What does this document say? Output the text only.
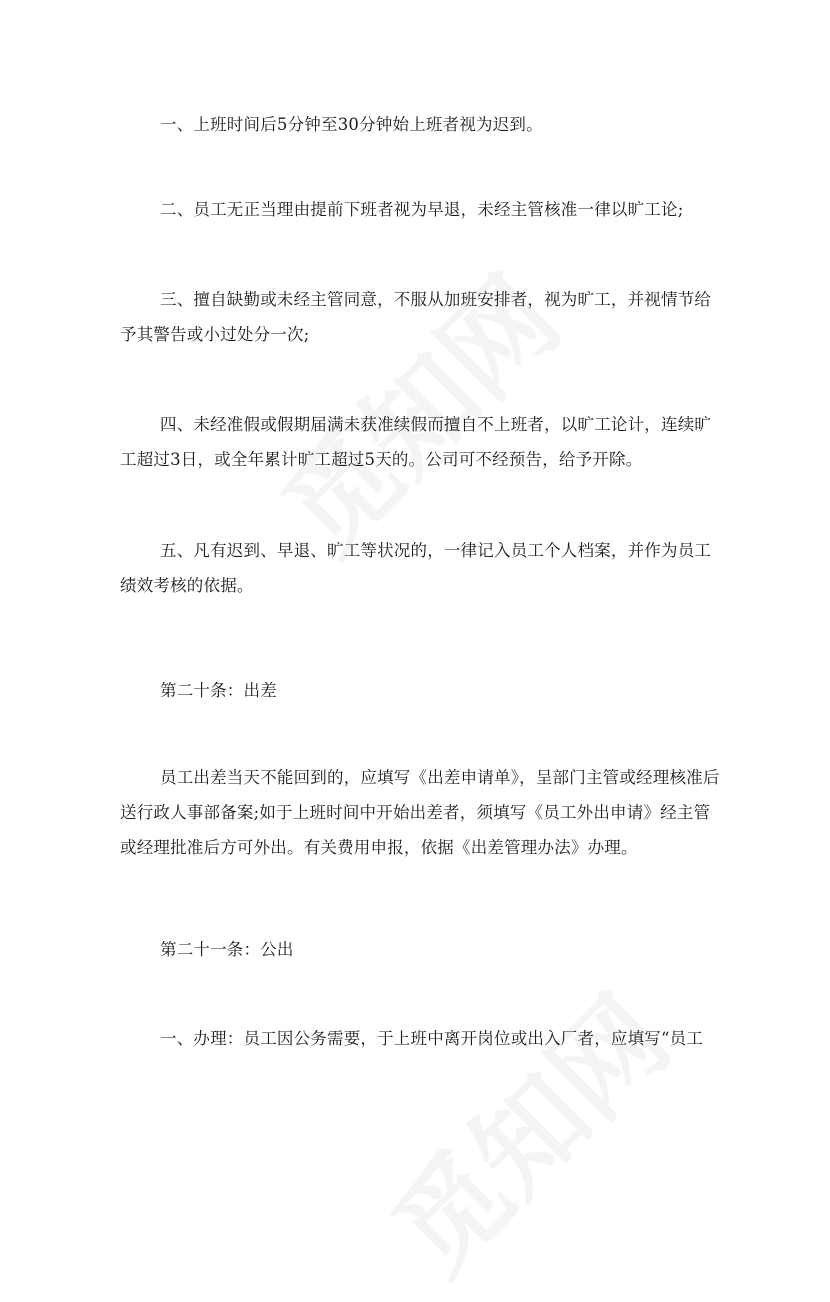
一、上班时间后5分钟至30分钟始上班者视为迟到。

二、员工无正当理由提前下班者视为早退，未经主管核准一律以旷工论;

三、擅自缺勤或未经主管同意，不服从加班安排者，视为旷工，并视情节给予其警告或小过处分一次;

四、未经准假或假期届满未获准续假而擅自不上班者，以旷工论计，连续旷工超过3日，或全年累计旷工超过5天的。公司可不经预告，给予开除。

五、凡有迟到、早退、旷工等状况的，一律记入员工个人档案，并作为员工绩效考核的依据。

第二十条：出差

员工出差当天不能回到的，应填写《出差申请单》，呈部门主管或经理核准后送行政人事部备案;如于上班时间中开始出差者，须填写《员工外出申请》经主管或经理批准后方可外出。有关费用申报，依据《出差管理办法》办理。

第二十一条：公出

一、办理：员工因公务需要，于上班中离开岗位或出入厂者，应填写“员工
